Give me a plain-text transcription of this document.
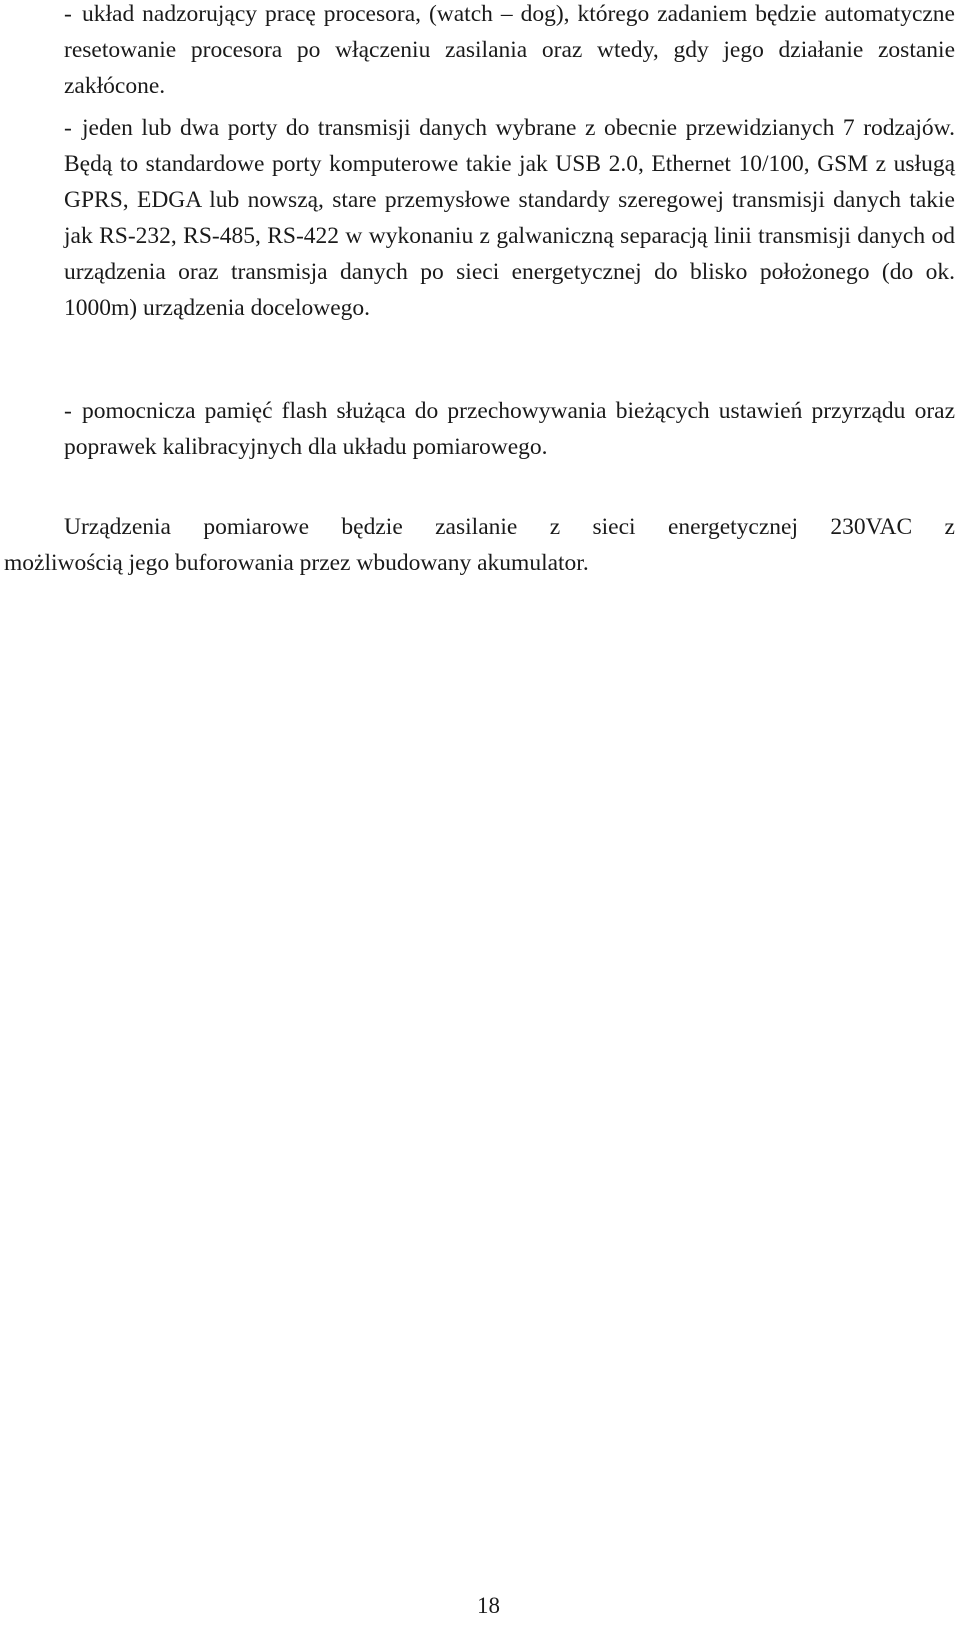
- układ nadzorujący pracę procesora, (watch – dog), którego zadaniem będzie automatyczne resetowanie procesora po włączeniu zasilania oraz wtedy, gdy jego działanie zostanie zakłócone.
- jeden lub dwa porty do transmisji danych wybrane z obecnie przewidzianych 7 rodzajów. Będą to standardowe porty komputerowe takie jak USB 2.0, Ethernet 10/100, GSM z usługą GPRS, EDGA lub nowszą, stare przemysłowe standardy szeregowej transmisji danych takie jak RS-232, RS-485, RS-422 w wykonaniu z galwaniczną separacją linii transmisji danych od urządzenia oraz transmisja danych po sieci energetycznej do blisko położonego (do ok. 1000m) urządzenia docelowego.
- pomocnicza pamięć flash służąca do przechowywania bieżących ustawień przyrządu oraz poprawek kalibracyjnych dla układu pomiarowego.
Urządzenia pomiarowe będzie zasilanie z sieci energetycznej 230VAC z
możliwością jego buforowania przez wbudowany akumulator.
18
